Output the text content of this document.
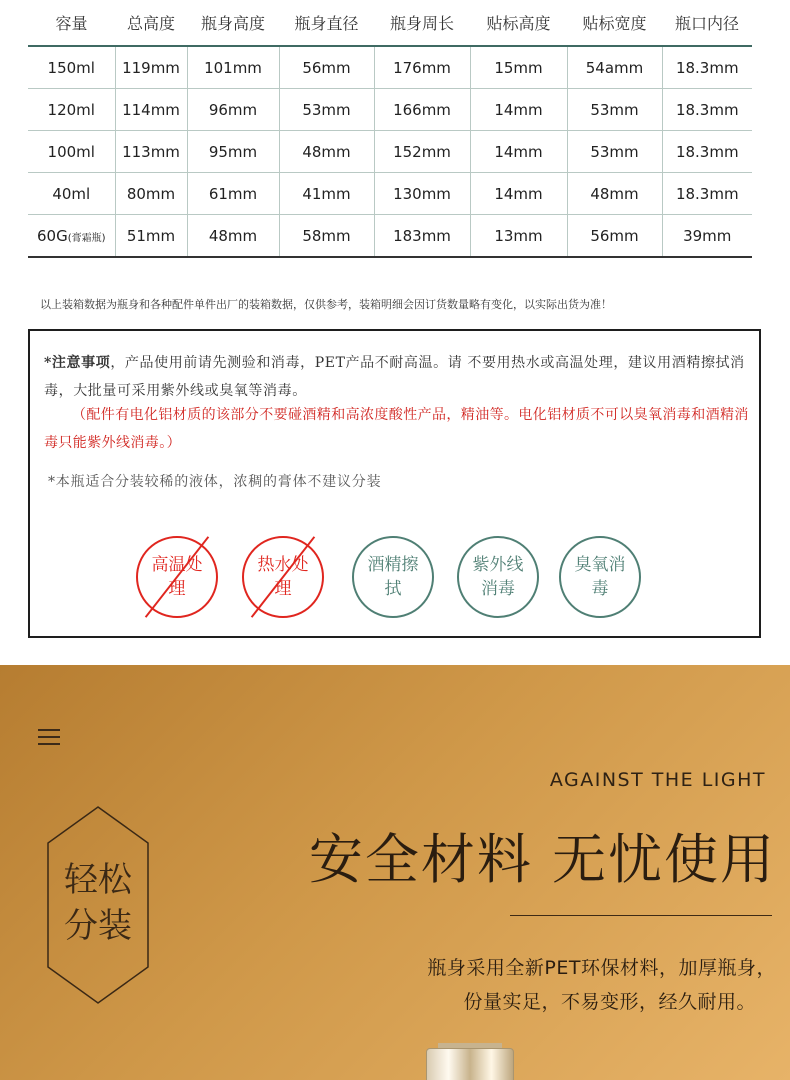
容量	总高度	瓶身高度	瓶身直径	瓶身周长	贴标高度	贴标宽度	瓶口内径
150ml	119mm	101mm	56mm	176mm	15mm	54amm	18.3mm
120ml	114mm	96mm	53mm	166mm	14mm	53mm	18.3mm
100ml	113mm	95mm	48mm	152mm	14mm	53mm	18.3mm
40ml	80mm	61mm	41mm	130mm	14mm	48mm	18.3mm
60G(膏霜瓶)	51mm	48mm	58mm	183mm	13mm	56mm	39mm
以上装箱数据为瓶身和各种配件单件出厂的装箱数据，仅供参考，装箱明细会因订货数量略有变化，以实际出货为准！
*注意事项，产品使用前请先测验和消毒，PET产品不耐高温。请 不要用热水或高温处理，建议用酒精擦拭消毒，大批量可采用紫外线或臭氧等消毒。
（配件有电化铝材质的该部分不要碰酒精和高浓度酸性产品，精油等。电化铝材质不可以臭氧消毒和酒精消毒只能紫外线消毒。）
*本瓶适合分装较稀的液体，浓稠的膏体不建议分装
高温处理
热水处理
酒精擦拭
紫外线消毒
臭氧消毒
AGAINST THE LIGHT
安全材料 无忧使用
瓶身采用全新PET环保材料，加厚瓶身，
份量实足，不易变形，经久耐用。
轻松
分装
